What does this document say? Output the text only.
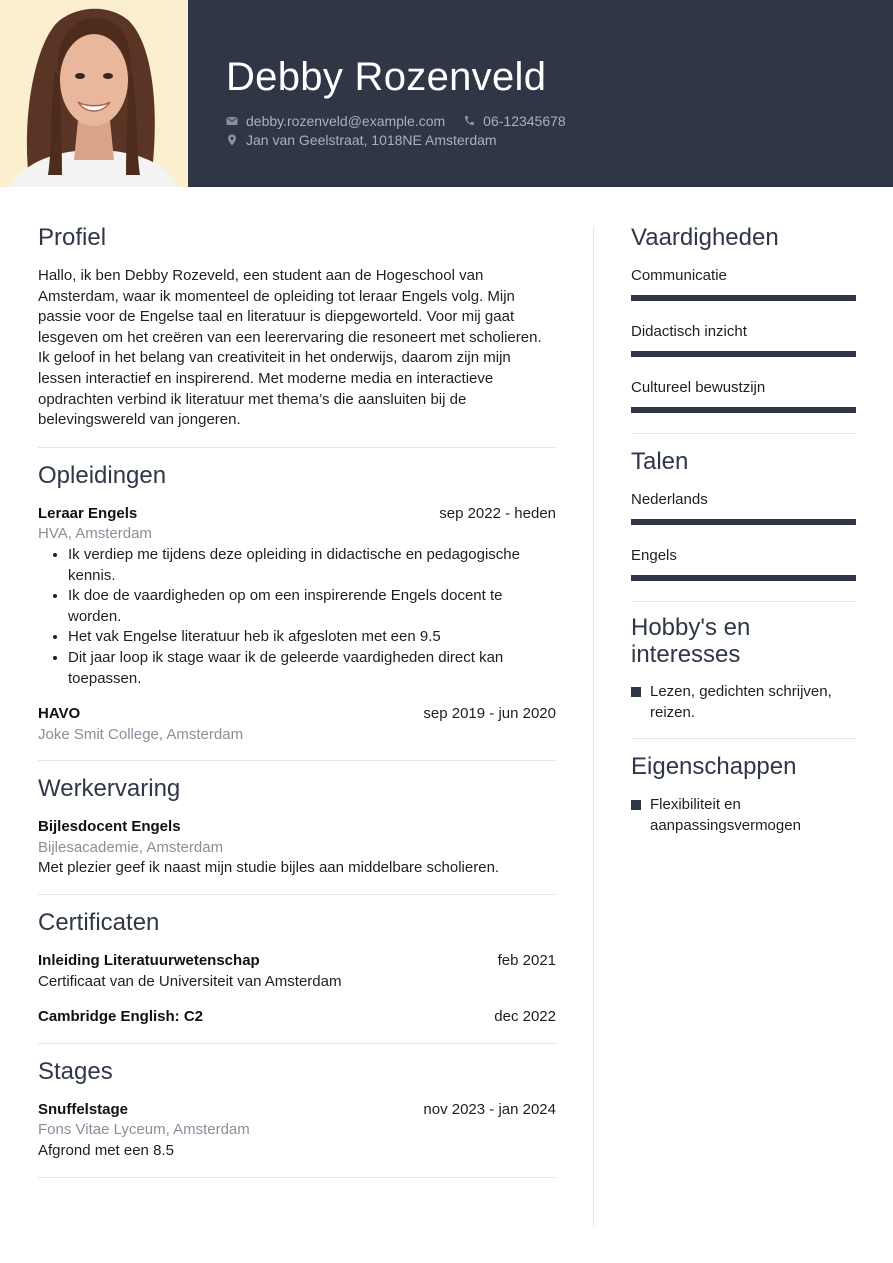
Debby Rozenveld
debby.rozenveld@example.com	06-12345678
Jan van Geelstraat, 1018NE Amsterdam
Profiel

Hallo, ik ben Debby Rozeveld, een student aan de Hogeschool van Amsterdam, waar ik momenteel de opleiding tot leraar Engels volg. Mijn passie voor de Engelse taal en literatuur is diepgeworteld. Voor mij gaat lesgeven om het creëren van een leerervaring die resoneert met scholieren. Ik geloof in het belang van creativiteit in het onderwijs, daarom zijn mijn lessen interactief en inspirerend. Met moderne media en interactieve opdrachten verbind ik literatuur met thema’s die aansluiten bij de belevingswereld van jongeren.

Opleidingen
Leraar Engels	sep 2022 - heden
HVA, Amsterdam
• Ik verdiep me tijdens deze opleiding in didactische en pedagogische kennis.
• Ik doe de vaardigheden op om een inspirerende Engels docent te worden.
• Het vak Engelse literatuur heb ik afgesloten met een 9.5
• Dit jaar loop ik stage waar ik de geleerde vaardigheden direct kan toepassen.
HAVO	sep 2019 - jun 2020
Joke Smit College, Amsterdam
Werkervaring
Bijlesdocent Engels
Bijlesacademie, Amsterdam

Met plezier geef ik naast mijn studie bijles aan middelbare scholieren.

Certificaten
Inleiding Literatuurwetenschap	feb 2021

Certificaat van de Universiteit van Amsterdam

Cambridge English: C2	dec 2022
Stages
Snuffelstage	nov 2023 - jan 2024
Fons Vitae Lyceum, Amsterdam

Afgrond met een 8.5

Vaardigheden
Communicatie
Didactisch inzicht
Cultureel bewustzijn
Talen
Nederlands
Engels
Hobby's en interesses
Lezen, gedichten schrijven, reizen.
Eigenschappen
Flexibiliteit en aanpassingsvermogen
